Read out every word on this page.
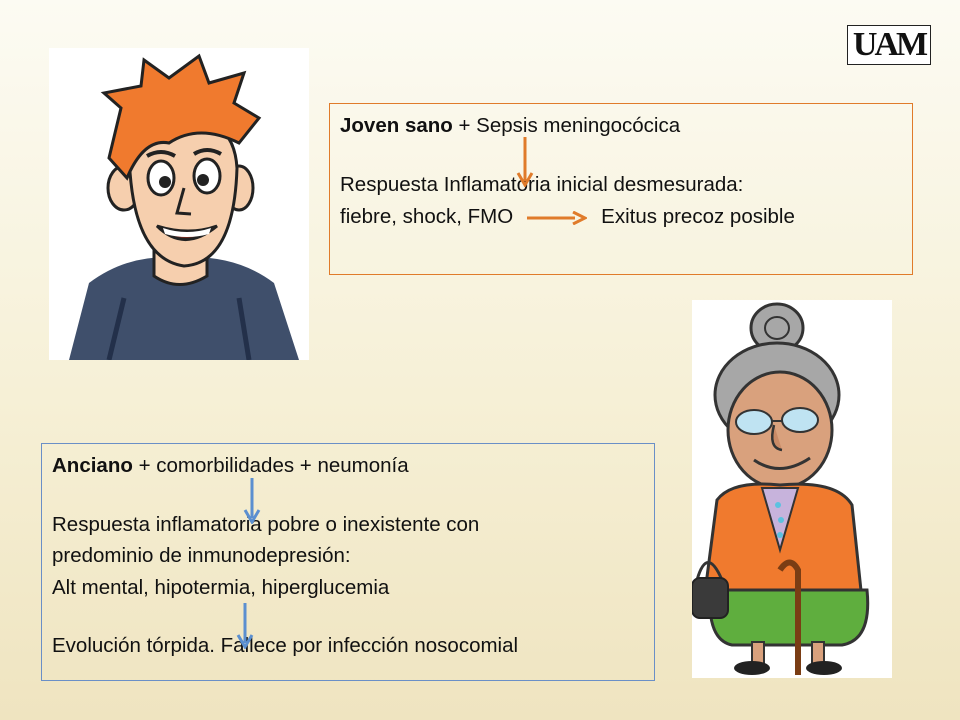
UAM
Joven sano + Sepsis meningocócica
Respuesta Inflamatoria inicial desmesurada:
fiebre, shock, FMO	Exitus precoz posible
Anciano + comorbilidades + neumonía
Respuesta inflamatoria pobre o inexistente con
predominio de inmunodepresión:
Alt mental, hipotermia, hiperglucemia
Evolución tórpida. Fallece por infección nosocomial
